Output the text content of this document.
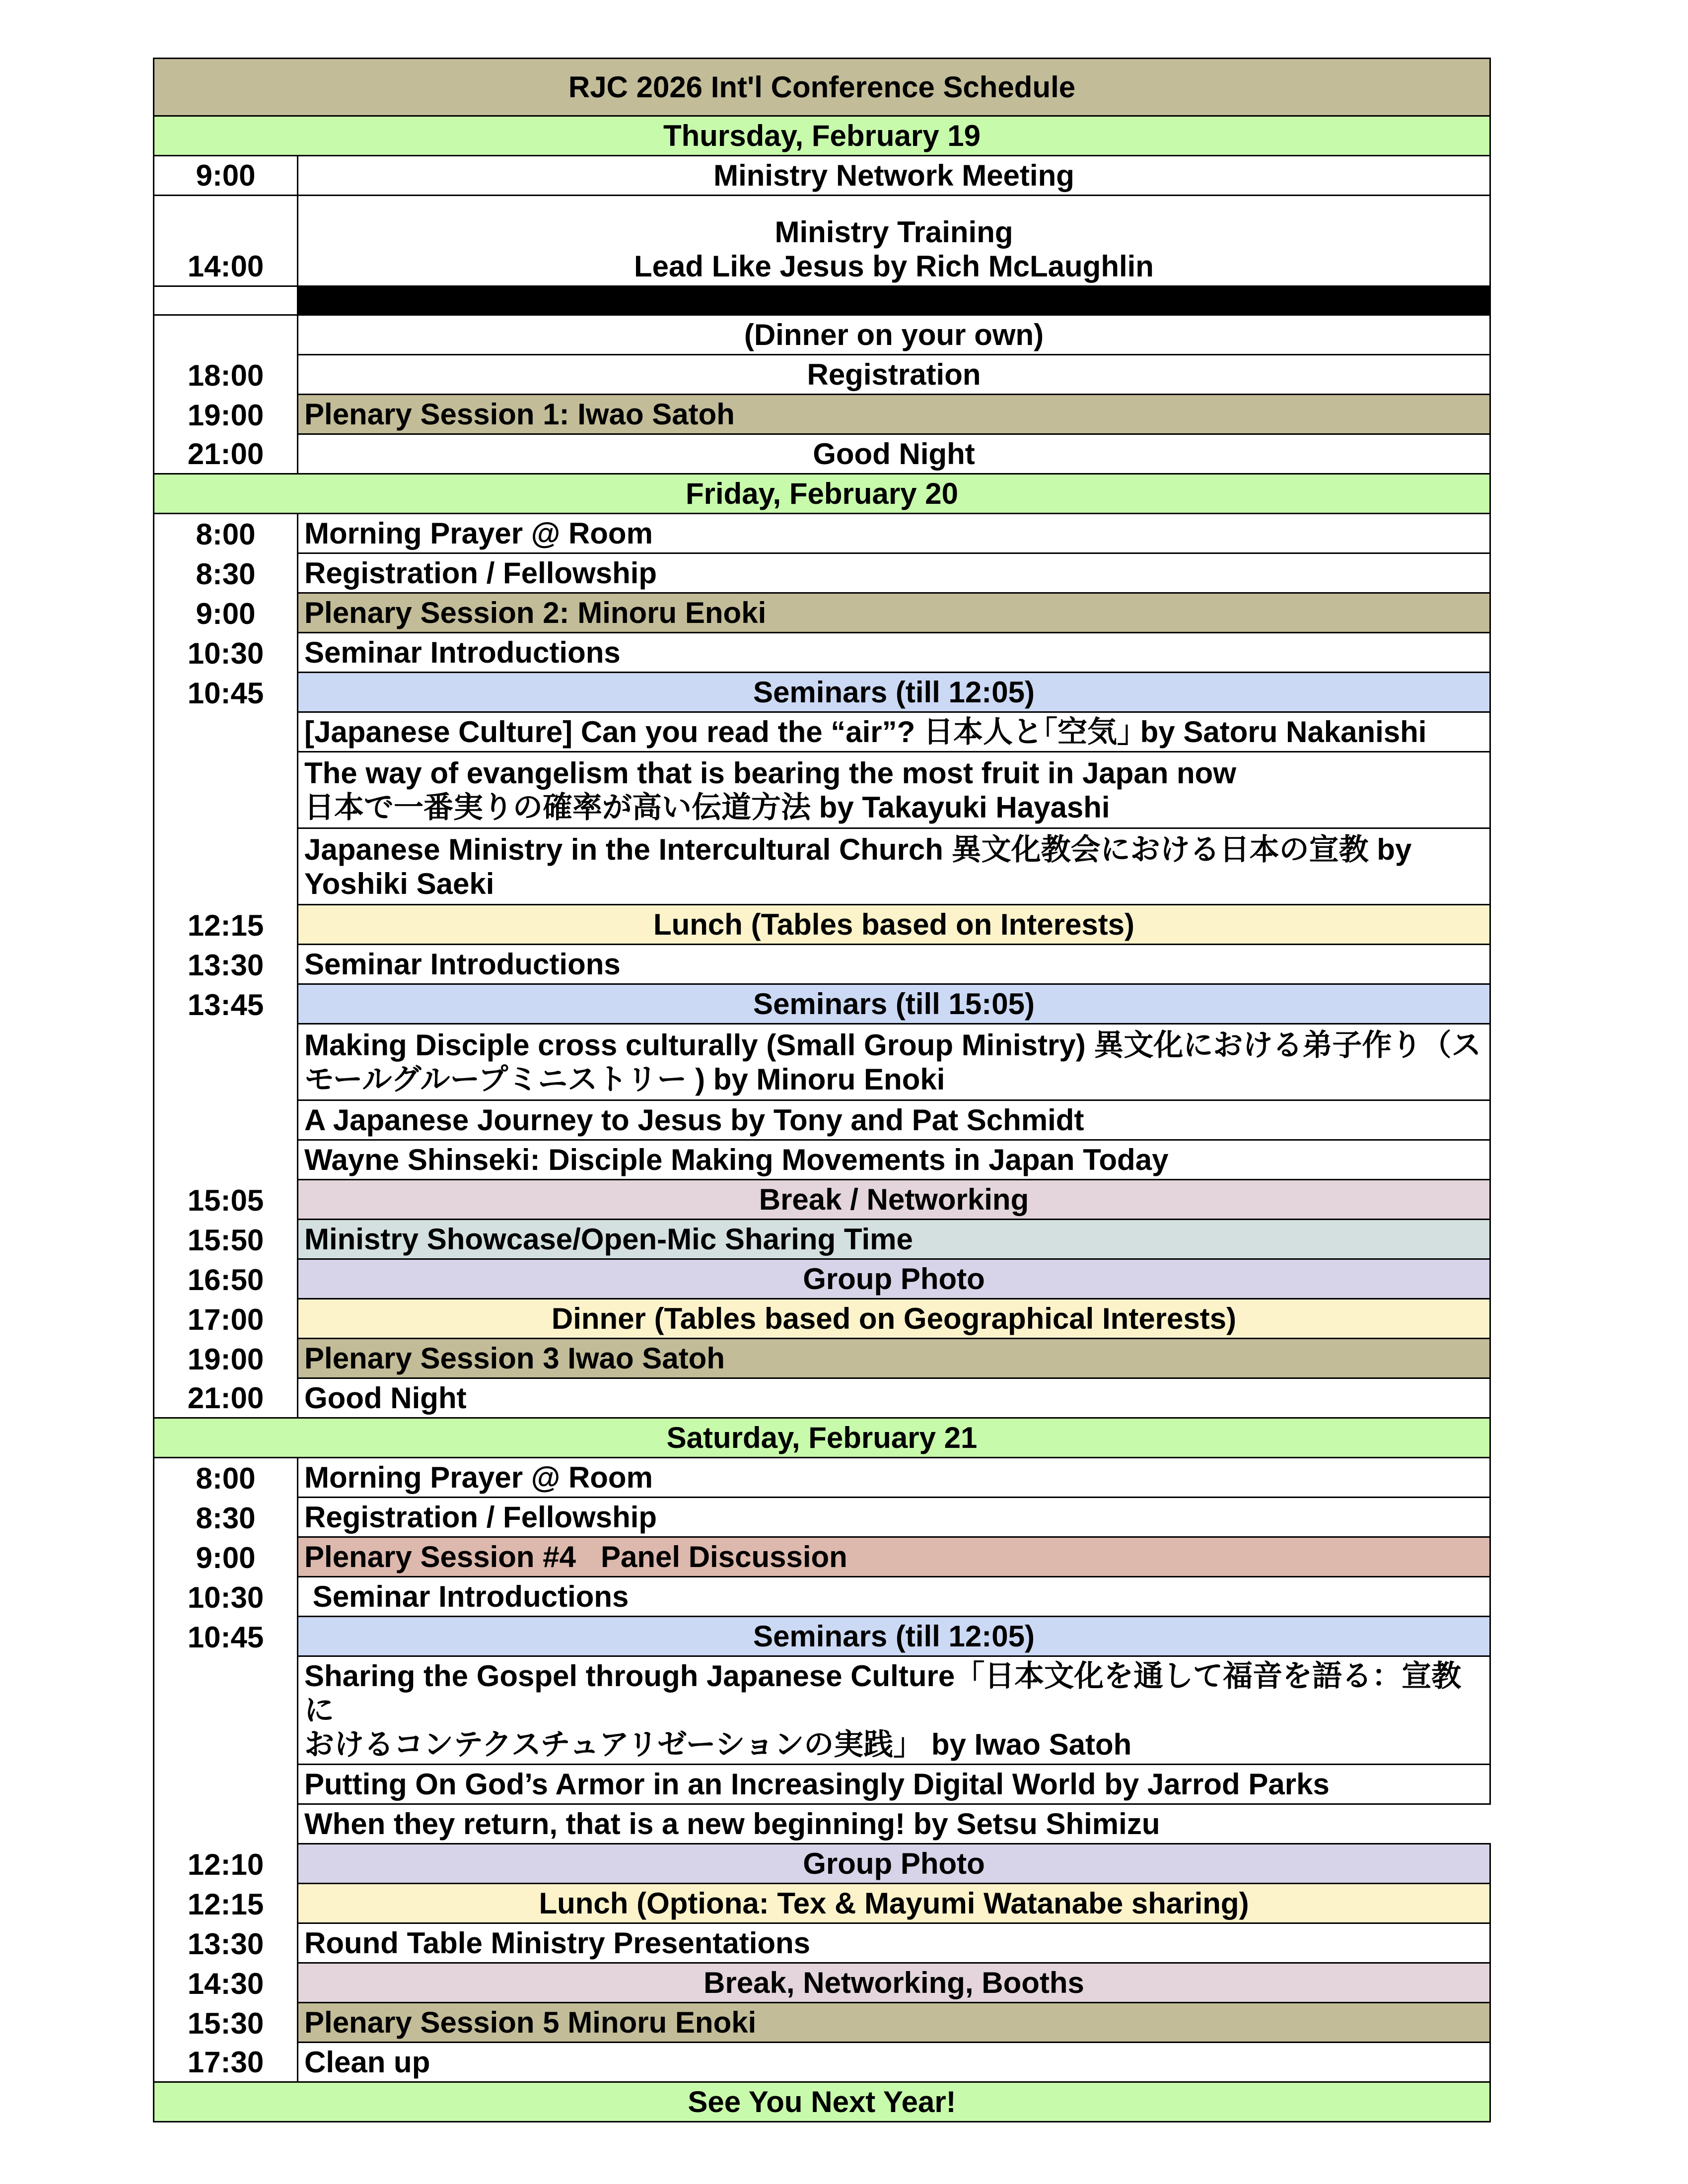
RJC 2026 Int'l Conference Schedule	
Thursday, February 19	
9:00	Ministry Network Meeting
14:00	Ministry Training
Lead Like Jesus by Rich McLaughlin

	(Dinner on your own)
18:00	Registration
19:00	Plenary Session 1: Iwao Satoh
21:00	Good Night
Friday, February 20	
8:00	Morning Prayer @ Room
8:30	Registration / Fellowship
9:00	Plenary Session 2: Minoru Enoki
10:30	Seminar Introductions
10:45	Seminars (till 12:05)
	[Japanese Culture] Can you read the “air”? 日本人と｢空気｣ by Satoru Nakanishi

	The way of evangelism that is bearing the most fruit in Japan now
日本で一番実りの確率が高い伝道方法 by Takayuki Hayashi

	Japanese Ministry in the Intercultural Church 異文化教会における日本の宣教 by
Yoshiki Saeki

12:15	Lunch (Tables based on Interests)
13:30	Seminar Introductions
13:45	Seminars (till 15:05)

	Making Disciple cross culturally (Small Group Ministry) 異文化における弟子作り（ス
モールグループミニストリー ) by Minoru Enoki

	A Japanese Journey to Jesus by Tony and Pat Schmidt
	Wayne Shinseki: Disciple Making Movements in Japan Today
15:05	Break / Networking
15:50	Ministry Showcase/Open-Mic Sharing Time
16:50	Group Photo
17:00	Dinner (Tables based on Geographical Interests)
19:00	Plenary Session 3 Iwao Satoh
21:00	Good Night
Saturday, February 21	
8:00	Morning Prayer @ Room
8:30	Registration / Fellowship
9:00	Plenary Session #4   Panel Discussion
10:30	Seminar Introductions
10:45	Seminars (till 12:05)

	Sharing the Gospel through Japanese Culture「日本文化を通して福音を語る：宣教に
おけるコンテクスチュアリゼーションの実践」 by Iwao Satoh

	Putting On God’s Armor in an Increasingly Digital World by Jarrod Parks
	When they return, that is a new beginning! by Setsu Shimizu
12:10	Group Photo
12:15	Lunch (Optiona: Tex & Mayumi Watanabe sharing)
13:30	Round Table Ministry Presentations
14:30	Break, Networking, Booths
15:30	Plenary Session 5 Minoru Enoki
17:30	Clean up
See You Next Year!	
